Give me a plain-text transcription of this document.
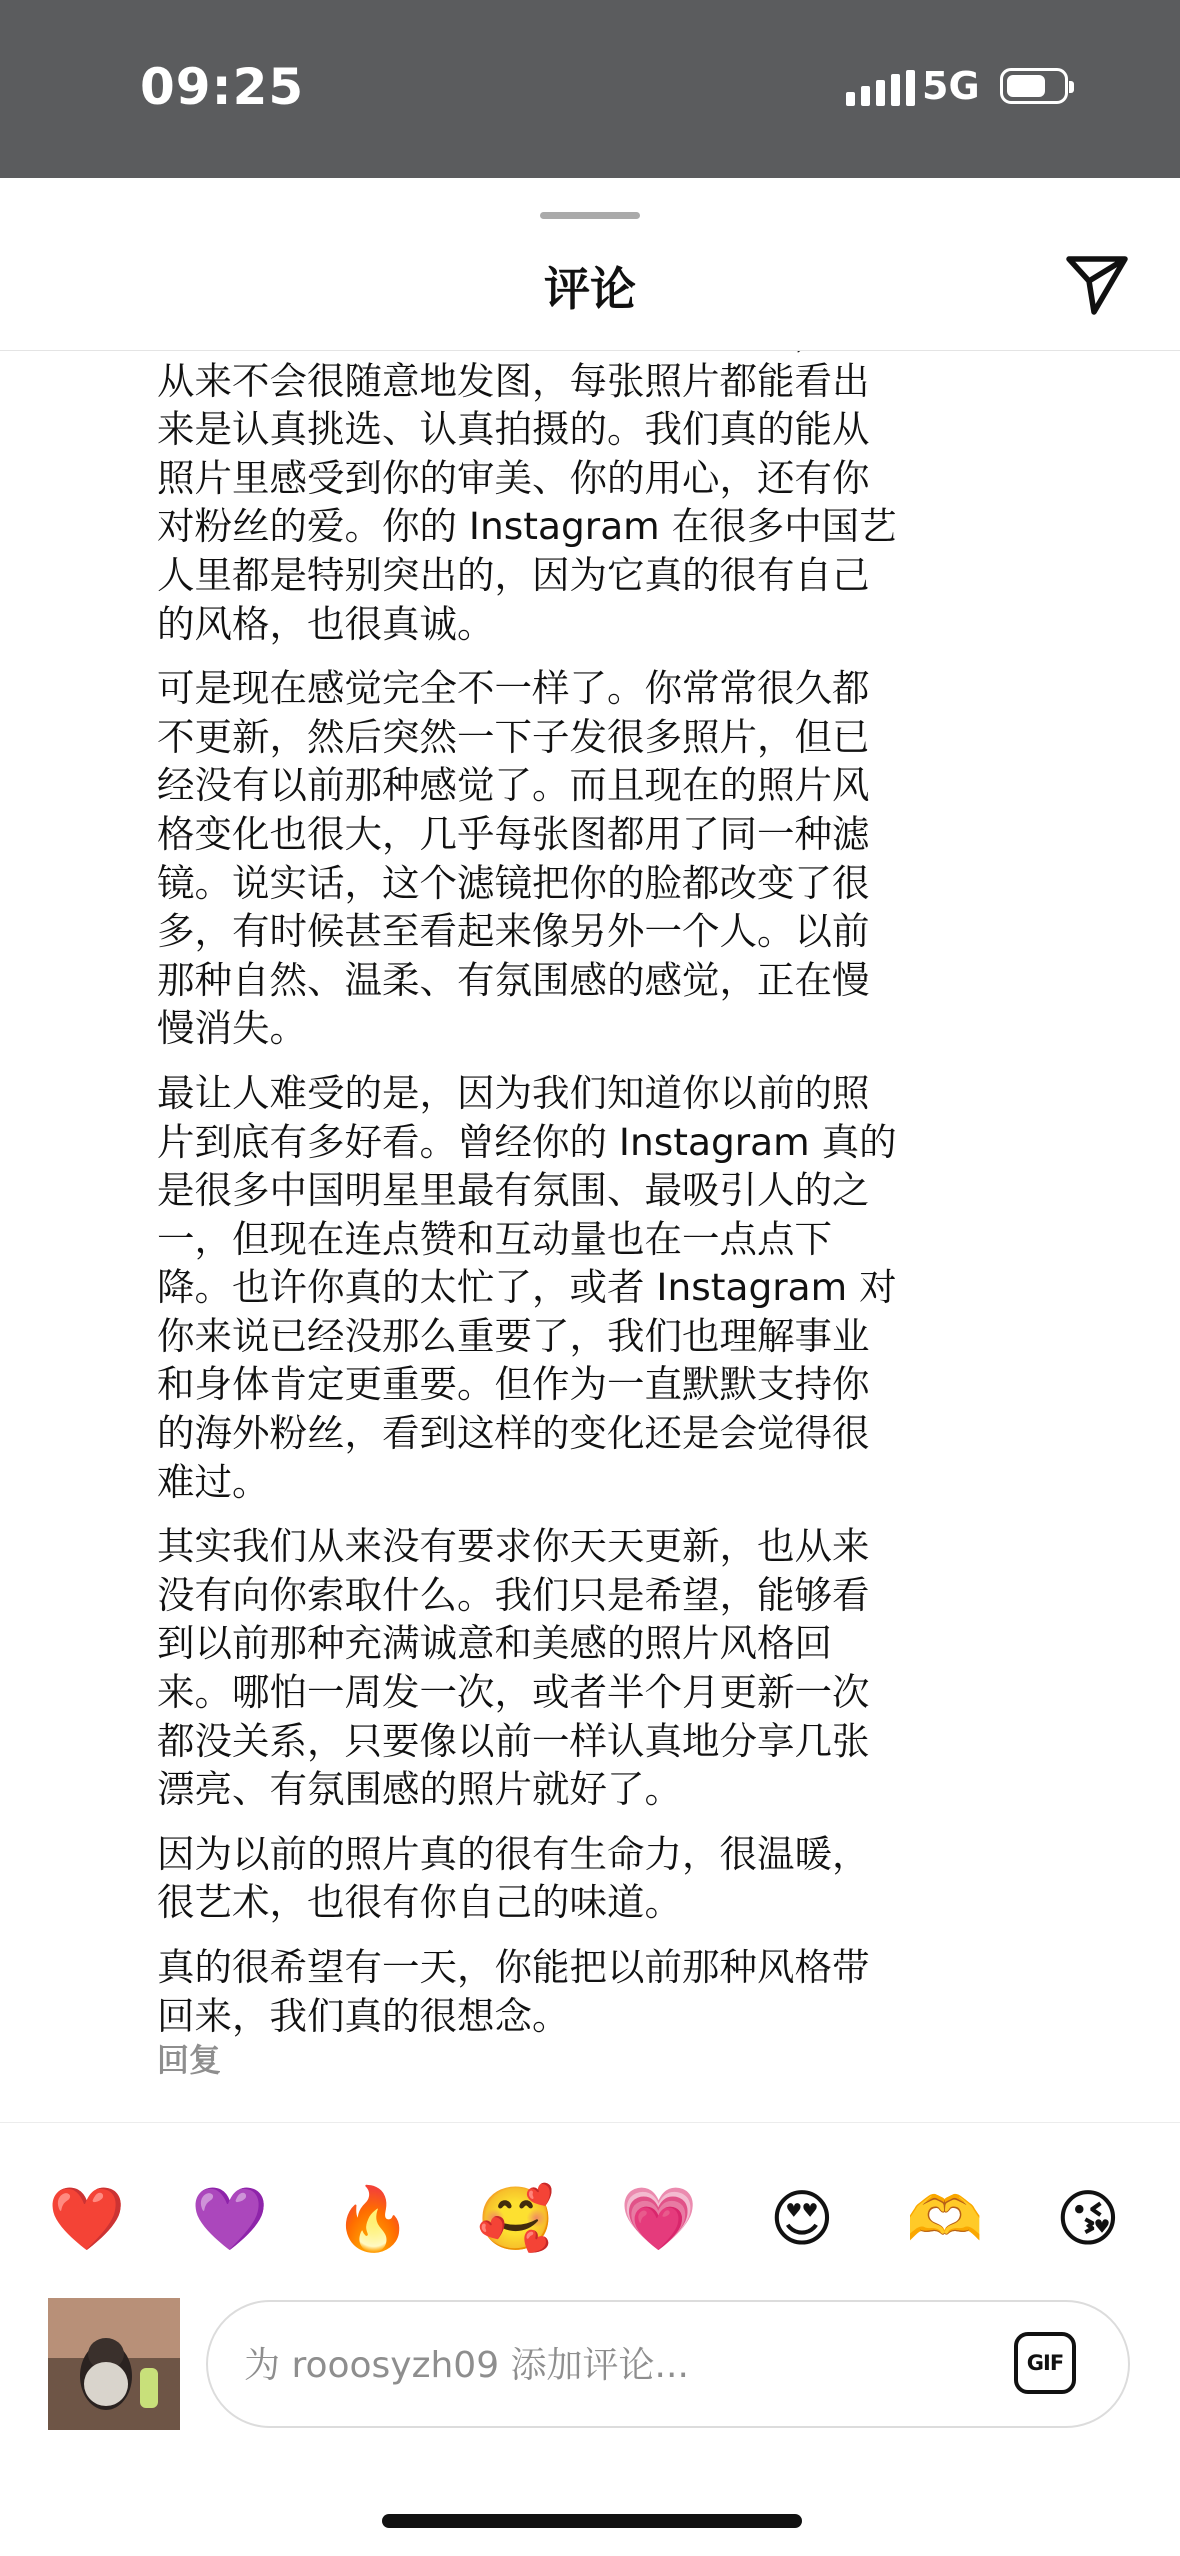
09:25	5G
评论

从来不会很随意地发图，每张照片都能看出
来是认真挑选、认真拍摄的。我们真的能从
照片里感受到你的审美、你的用心，还有你
对粉丝的爱。你的 Instagram 在很多中国艺
人里都是特别突出的，因为它真的很有自己
的风格，也很真诚。

可是现在感觉完全不一样了。你常常很久都
不更新，然后突然一下子发很多照片，但已
经没有以前那种感觉了。而且现在的照片风
格变化也很大，几乎每张图都用了同一种滤
镜。说实话，这个滤镜把你的脸都改变了很
多，有时候甚至看起来像另外一个人。以前
那种自然、温柔、有氛围感的感觉，正在慢
慢消失。

最让人难受的是，因为我们知道你以前的照
片到底有多好看。曾经你的 Instagram 真的
是很多中国明星里最有氛围、最吸引人的之
一，但现在连点赞和互动量也在一点点下
降。也许你真的太忙了，或者 Instagram 对
你来说已经没那么重要了，我们也理解事业
和身体肯定更重要。但作为一直默默支持你
的海外粉丝，看到这样的变化还是会觉得很
难过。

其实我们从来没有要求你天天更新，也从来
没有向你索取什么。我们只是希望，能够看
到以前那种充满诚意和美感的照片风格回
来。哪怕一周发一次，或者半个月更新一次
都没关系，只要像以前一样认真地分享几张
漂亮、有氛围感的照片就好了。

因为以前的照片真的很有生命力，很温暖，
很艺术，也很有你自己的味道。

真的很希望有一天，你能把以前那种风格带
回来，我们真的很想念。

回复
❤️ 💜 🔥 🥰 💗 😍 🫶 😘
为 rooosyzh09 添加评论...
GIF
